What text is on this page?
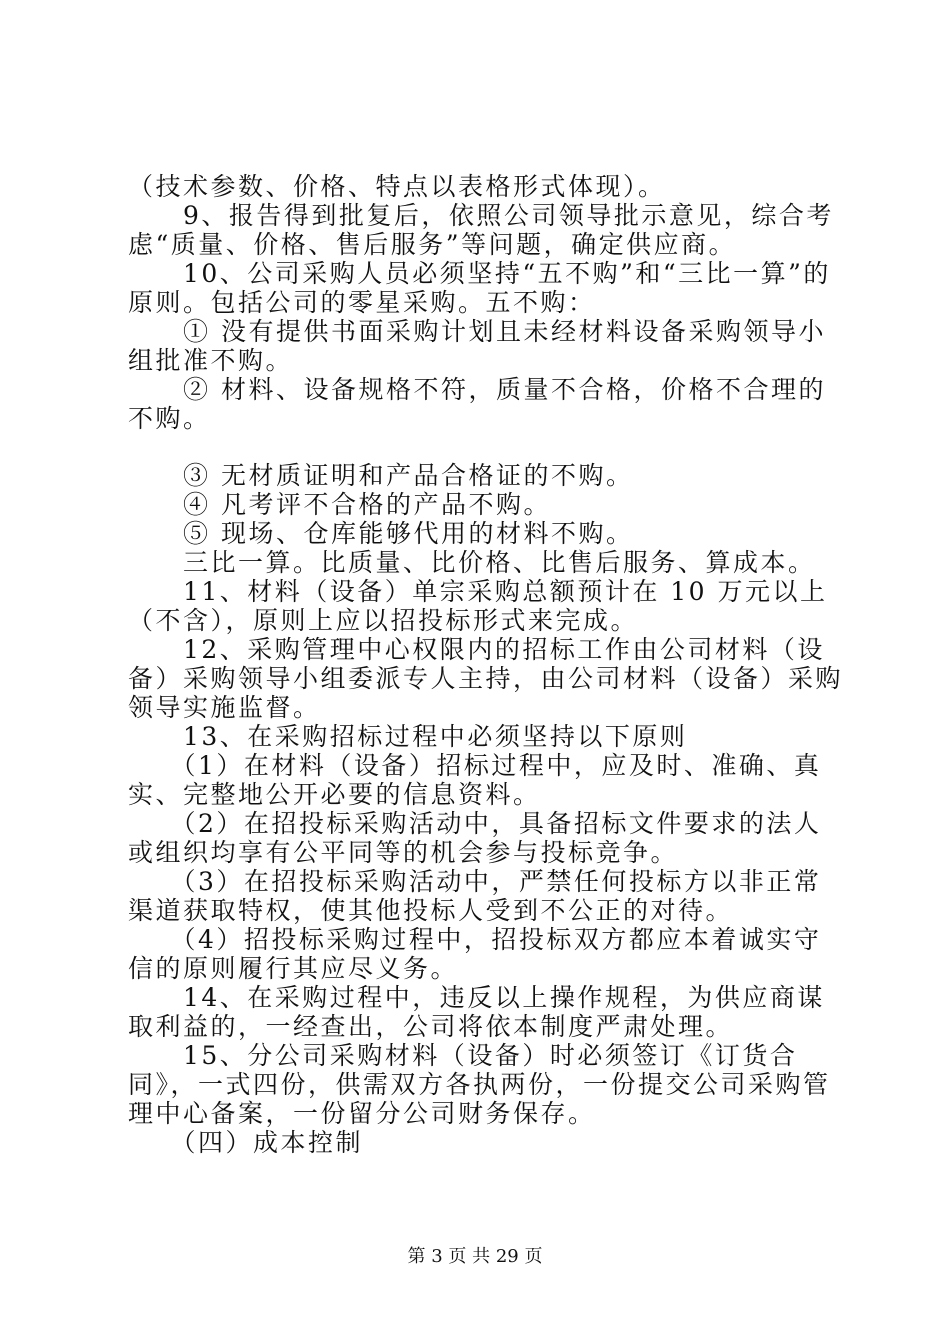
（技术参数、价格、特点以表格形式体现）。

　　9、报告得到批复后，依照公司领导批示意见，综合考虑“质量、价格、售后服务”等问题，确定供应商。

　　10、公司采购人员必须坚持“五不购”和“三比一算”的原则。包括公司的零星采购。五不购：

　　① 没有提供书面采购计划且未经材料设备采购领导小组批准不购。

　　② 材料、设备规格不符，质量不合格，价格不合理的不购。

　　③ 无材质证明和产品合格证的不购。

　　④ 凡考评不合格的产品不购。

　　⑤ 现场、仓库能够代用的材料不购。

　　三比一算。比质量、比价格、比售后服务、算成本。

　　11、材料（设备）单宗采购总额预计在 10 万元以上（不含），原则上应以招投标形式来完成。

　　12、采购管理中心权限内的招标工作由公司材料（设备）采购领导小组委派专人主持，由公司材料（设备）采购领导实施监督。

　　13、在采购招标过程中必须坚持以下原则

　　（1）在材料（设备）招标过程中，应及时、准确、真实、完整地公开必要的信息资料。

　　（2）在招投标采购活动中，具备招标文件要求的法人或组织均享有公平同等的机会参与投标竞争。

　　（3）在招投标采购活动中，严禁任何投标方以非正常渠道获取特权，使其他投标人受到不公正的对待。

　　（4）招投标采购过程中，招投标双方都应本着诚实守信的原则履行其应尽义务。

　　14、在采购过程中，违反以上操作规程，为供应商谋取利益的，一经查出，公司将依本制度严肃处理。

　　15、分公司采购材料（设备）时必须签订《订货合同》，一式四份，供需双方各执两份，一份提交公司采购管理中心备案，一份留分公司财务保存。

　　（四）成本控制

第 3 页 共 29 页
